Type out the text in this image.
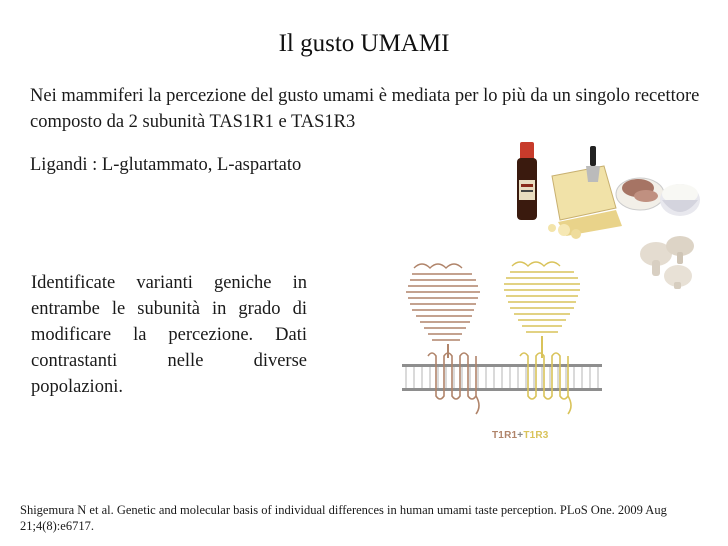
Il gusto UMAMI

Nei mammiferi la percezione del gusto umami è mediata per lo più da un singolo recettore composto da 2 subunità TAS1R1 e TAS1R3

Ligandi : L-glutammato, L-aspartato

T1R1+T1R3

Identificate varianti geniche in entrambe le subunità in grado di modificare la percezione. Dati contrastanti nelle diverse popolazioni.

Shigemura N et al. Genetic and molecular basis of individual differences in human umami taste perception. PLoS One. 2009 Aug 21;4(8):e6717.
